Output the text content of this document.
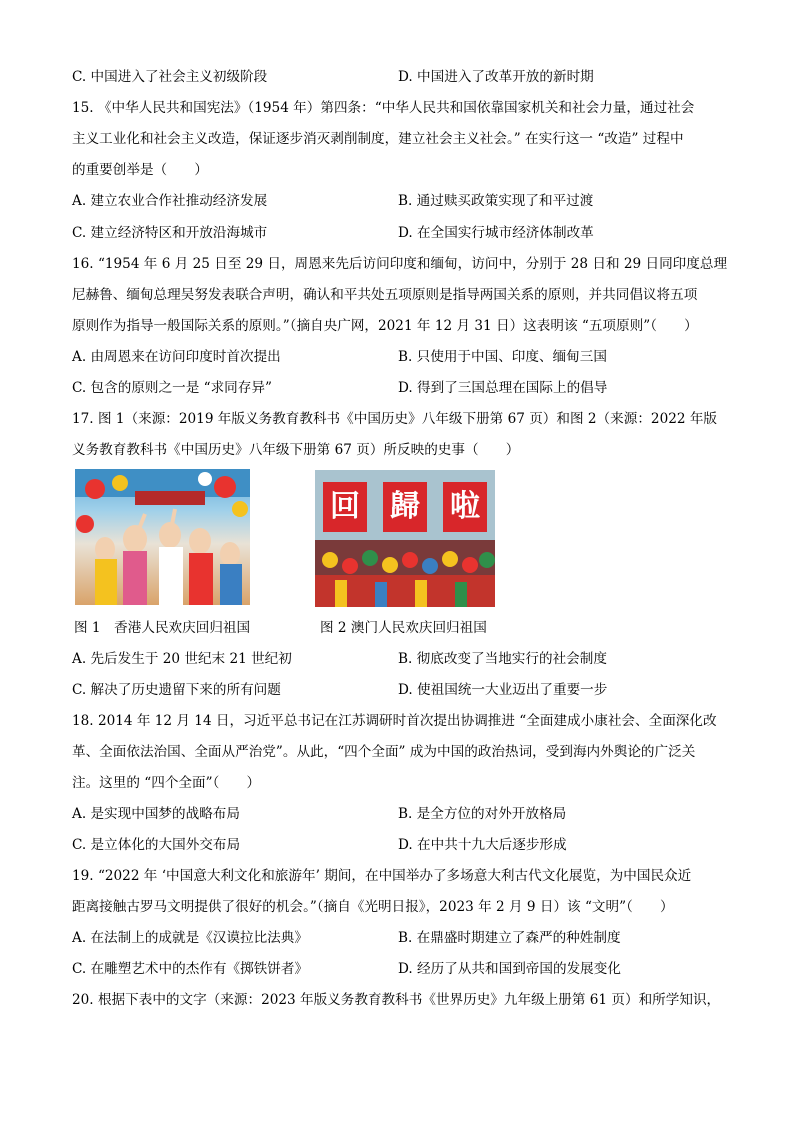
C. 中国进入了社会主义初级阶段	D. 中国进入了改革开放的新时期
15. 《中华人民共和国宪法》（1954 年）第四条：“中华人民共和国依靠国家机关和社会力量，通过社会
主义工业化和社会主义改造，保证逐步消灭剥削制度，建立社会主义社会。” 在实行这一 “改造” 过程中
的重要创举是（　　）
A. 建立农业合作社推动经济发展	B. 通过赎买政策实现了和平过渡
C. 建立经济特区和开放沿海城市	D. 在全国实行城市经济体制改革
16. “1954 年 6 月 25 日至 29 日，周恩来先后访问印度和缅甸，访问中，分别于 28 日和 29 日同印度总理
尼赫鲁、缅甸总理吴努发表联合声明，确认和平共处五项原则是指导两国关系的原则，并共同倡议将五项
原则作为指导一般国际关系的原则。”（摘自央广网，2021 年 12 月 31 日）这表明该 “五项原则”（　　）
A. 由周恩来在访问印度时首次提出	B. 只使用于中国、印度、缅甸三国
C. 包含的原则之一是 “求同存异”	D. 得到了三国总理在国际上的倡导
17. 图 1（来源：2019 年版义务教育教科书《中国历史》八年级下册第 67 页）和图 2（来源：2022 年版
义务教育教科书《中国历史》八年级下册第 67 页）所反映的史事（　　）
回 歸 啦
图 1　香港人民欢庆回归祖国	图 2 澳门人民欢庆回归祖国
A. 先后发生于 20 世纪末 21 世纪初	B. 彻底改变了当地实行的社会制度
C. 解决了历史遗留下来的所有问题	D. 使祖国统一大业迈出了重要一步
18. 2014 年 12 月 14 日，习近平总书记在江苏调研时首次提出协调推进 “全面建成小康社会、全面深化改
革、全面依法治国、全面从严治党”。从此，“四个全面” 成为中国的政治热词，受到海内外舆论的广泛关
注。这里的 “四个全面”（　　）
A. 是实现中国梦的战略布局	B. 是全方位的对外开放格局
C. 是立体化的大国外交布局	D. 在中共十九大后逐步形成
19. “2022 年 ‘中国意大利文化和旅游年’ 期间，在中国举办了多场意大利古代文化展览，为中国民众近
距离接触古罗马文明提供了很好的机会。”（摘自《光明日报》，2023 年 2 月 9 日）该 “文明”（　　）
A. 在法制上的成就是《汉谟拉比法典》	B. 在鼎盛时期建立了森严的种姓制度
C. 在雕塑艺术中的杰作有《掷铁饼者》	D. 经历了从共和国到帝国的发展变化
20. 根据下表中的文字（来源：2023 年版义务教育教科书《世界历史》九年级上册第 61 页）和所学知识，
